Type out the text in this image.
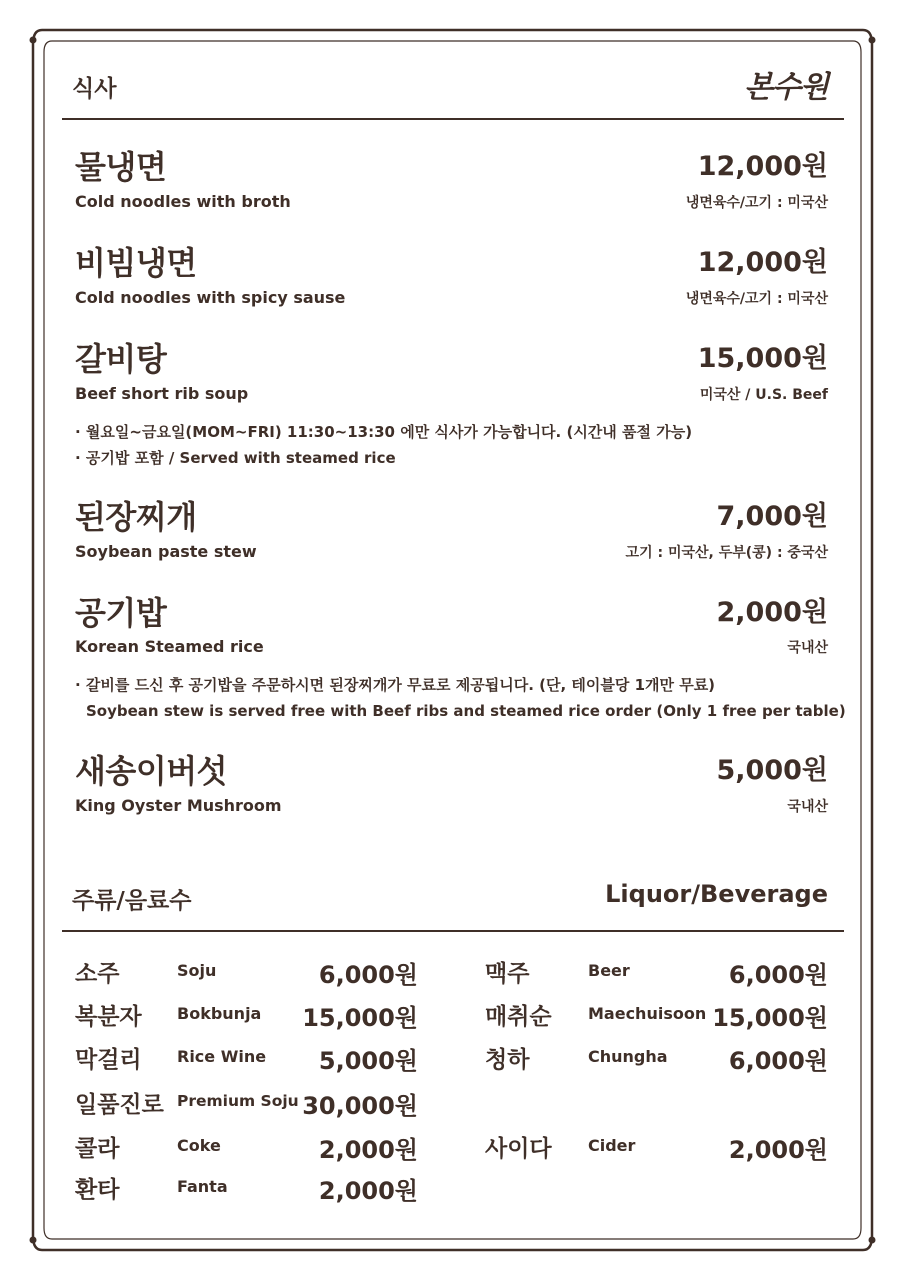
식사	본수원
물냉면	12,000원
Cold noodles with broth	냉면육수/고기 : 미국산
비빔냉면	12,000원
Cold noodles with spicy sause	냉면육수/고기 : 미국산
갈비탕	15,000원
Beef short rib soup	미국산 / U.S. Beef
· 월요일~금요일(MOM~FRI) 11:30~13:30 에만 식사가 가능합니다. (시간내 품절 가능)
· 공기밥 포함 / Served with steamed rice
된장찌개	7,000원
Soybean paste stew	고기 : 미국산, 두부(콩) : 중국산
공기밥	2,000원
Korean Steamed rice	국내산
· 갈비를 드신 후 공기밥을 주문하시면 된장찌개가 무료로 제공됩니다. (단, 테이블당 1개만 무료)
Soybean stew is served free with Beef ribs and steamed rice order (Only 1 free per table)
새송이버섯	5,000원
King Oyster Mushroom	국내산
주류/음료수	Liquor/Beverage
소주	Soju	6,000원
복분자 Bokbunja 15,000원
막걸리 Rice Wine 5,000원
일품진로 Premium Soju 30,000원
콜라	Coke	2,000원
환타	Fanta	2,000원
맥주	Beer	6,000원
매취순 Maechuisoon 15,000원
청하	Chungha	6,000원
사이다 Cider	2,000원
